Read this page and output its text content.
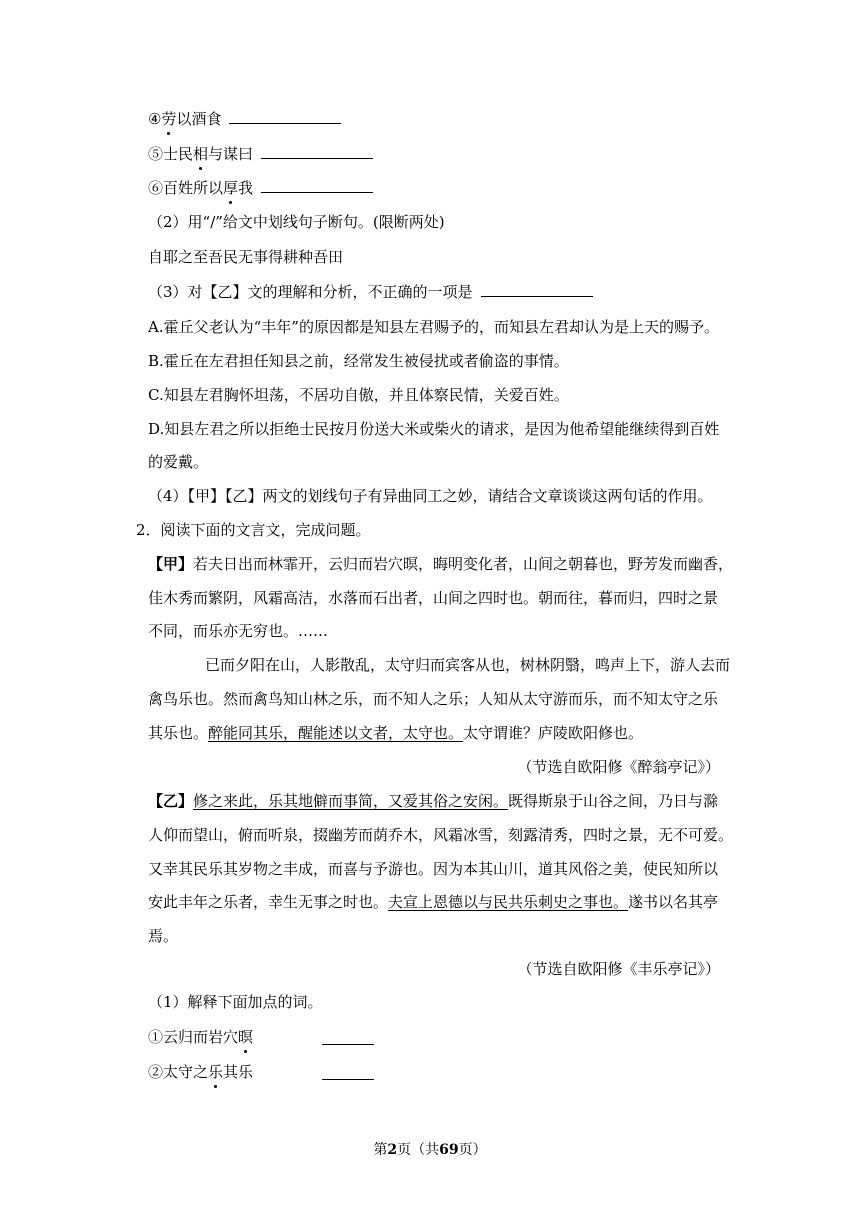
④劳以酒食
⑤士民相与谋曰
⑥百姓所以厚我
（2）用“/”给文中划线句子断句。(限断两处)
自耶之至吾民无事得耕种吾田
（3）对【乙】文的理解和分析，不正确的一项是
A.霍丘父老认为“丰年”的原因都是知县左君赐予的，而知县左君却认为是上天的赐予。
B.霍丘在左君担任知县之前，经常发生被侵扰或者偷盗的事情。
C.知县左君胸怀坦荡，不居功自傲，并且体察民情，关爱百姓。
D.知县左君之所以拒绝士民按月份送大米或柴火的请求，是因为他希望能继续得到百姓
的爱戴。
（4）【甲】【乙】两文的划线句子有异曲同工之妙，请结合文章谈谈这两句话的作用。
2．阅读下面的文言文，完成问题。
【甲】若夫日出而林霏开，云归而岩穴暝，晦明变化者，山间之朝暮也，野芳发而幽香，
佳木秀而繁阴，风霜高洁，水落而石出者，山间之四时也。朝而往，暮而归，四时之景
不同，而乐亦无穷也。……
已而夕阳在山，人影散乱，太守归而宾客从也，树林阴翳，鸣声上下，游人去而
禽鸟乐也。然而禽鸟知山林之乐，而不知人之乐；人知从太守游而乐，而不知太守之乐
其乐也。醉能同其乐，醒能述以文者，太守也。太守谓谁？庐陵欧阳修也。
（节选自欧阳修《醉翁亭记》）
【乙】修之来此，乐其地僻而事简，又爱其俗之安闲。既得斯泉于山谷之间，乃日与滁
人仰而望山，俯而听泉，掇幽芳而荫乔木，风霜冰雪，刻露清秀，四时之景，无不可爱。
又幸其民乐其岁物之丰成，而喜与予游也。因为本其山川，道其风俗之美，使民知所以
安此丰年之乐者，幸生无事之时也。夫宣上恩德以与民共乐刺史之事也。遂书以名其亭
焉。
（节选自欧阳修《丰乐亭记》）
（1）解释下面加点的词。
①云归而岩穴暝
②太守之乐其乐
第2页（共69页）
